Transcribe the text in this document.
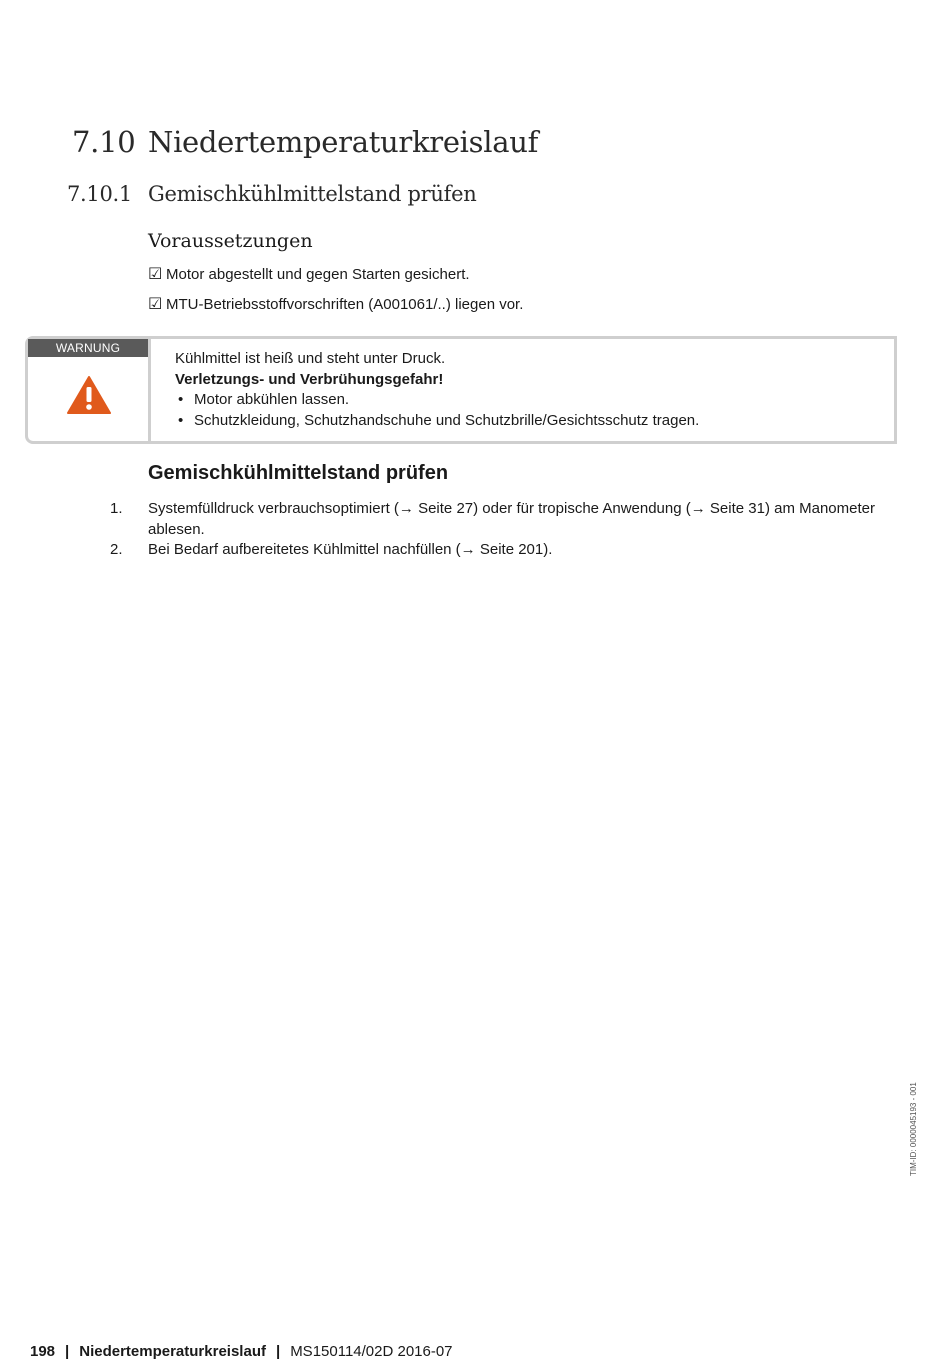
7.10 Niedertemperaturkreislauf
7.10.1 Gemischkühlmittelstand prüfen
Voraussetzungen
☑ Motor abgestellt und gegen Starten gesichert.
☑ MTU-Betriebsstoffvorschriften (A001061/..) liegen vor.
WARNUNG
Kühlmittel ist heiß und steht unter Druck.
Verletzungs- und Verbrühungsgefahr!
• Motor abkühlen lassen.
• Schutzkleidung, Schutzhandschuhe und Schutzbrille/Gesichtsschutz tragen.
Gemischkühlmittelstand prüfen
1. Systemfülldruck verbrauchsoptimiert (→ Seite 27) oder für tropische Anwendung (→ Seite 31) am Manometer ablesen.
2. Bei Bedarf aufbereitetes Kühlmittel nachfüllen (→ Seite 201).
TIM-ID: 0000045193 - 001
198 | Niedertemperaturkreislauf | MS150114/02D 2016-07
